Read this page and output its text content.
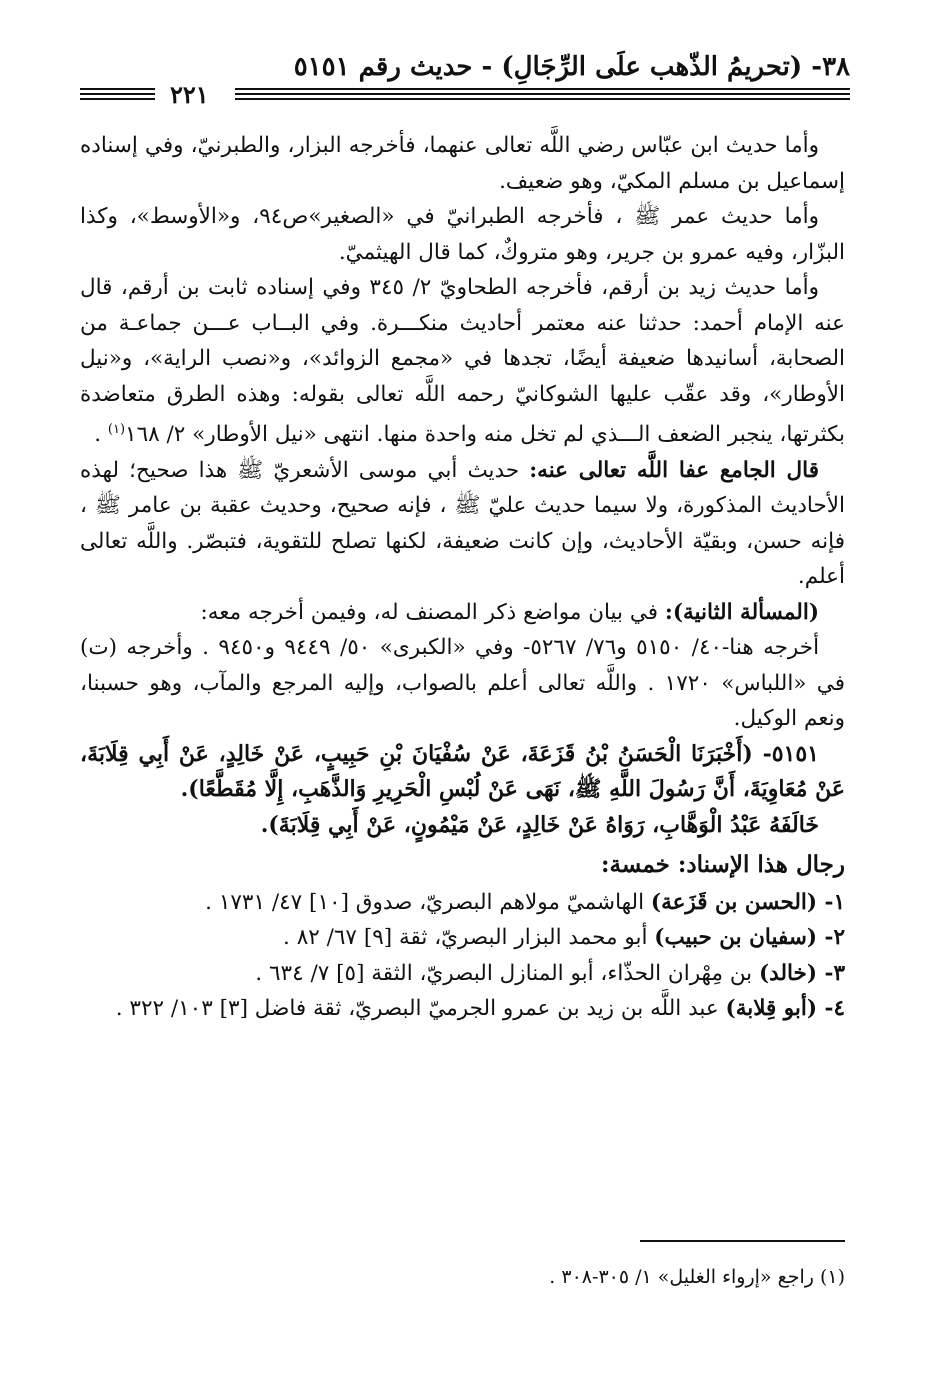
٣٨- (تحريمُ الذّهب علَى الرِّجَالِ) - حديث رقم ٥١٥١
٢٢١

وأما حديث ابن عبّاس رضي اللَّه تعالى عنهما، فأخرجه البزار، والطبرنيّ، وفي إسناده إسماعيل بن مسلم المكيّ، وهو ضعيف.

وأما حديث عمر ﷺ ، فأخرجه الطبرانيّ في «الصغير»ص٩٤، و«الأوسط»، وكذا البزّار، وفيه عمرو بن جرير، وهو متروكٌ، كما قال الهيثميّ.

وأما حديث زيد بن أرقم، فأخرجه الطحاويّ ٢/ ٣٤٥ وفي إسناده ثابت بن أرقم، قال عنه الإمام أحمد: حدثنا عنه معتمر أحاديث منكـــرة. وفي البــاب عـــن جماعـة من الصحابة، أسانيدها ضعيفة أيضًا، تجدها في «مجمع الزوائد»، و«نصب الراية»، و«نيل الأوطار»، وقد عقّب عليها الشوكانيّ رحمه اللَّه تعالى بقوله: وهذه الطرق متعاضدة بكثرتها، ينجبر الضعف الـــذي لم تخل منه واحدة منها. انتهى «نيل الأوطار» ٢/ ١٦٨$^{(١)}$ .

قال الجامع عفا اللَّه تعالى عنه: حديث أبي موسى الأشعريّ ﷺ هذا صحيح؛ لهذه الأحاديث المذكورة، ولا سيما حديث عليّ ﷺ ، فإنه صحيح، وحديث عقبة بن عامر ﷺ ، فإنه حسن، وبقيّة الأحاديث، وإن كانت ضعيفة، لكنها تصلح للتقوية، فتبصّر. واللَّه تعالى أعلم.

(المسألة الثانية): في بيان مواضع ذكر المصنف له، وفيمن أخرجه معه:

أخرجه هنا-٤٠/ ٥١٥٠ و٧٦/ ٥٢٦٧- وفي «الكبرى» ٥٠/ ٩٤٤٩ و٩٤٥٠ . وأخرجه (ت) في «اللباس» ١٧٢٠ . واللَّه تعالى أعلم بالصواب، وإليه المرجع والمآب، وهو حسبنا، ونعم الوكيل.

٥١٥١- (أَخْبَرَنَا الْحَسَنُ بْنُ قَزَعَةَ، عَنْ سُفْيَانَ بْنِ حَبِيبٍ، عَنْ خَالِدٍ، عَنْ أَبِي قِلَابَةَ، عَنْ مُعَاوِيَةَ، أَنَّ رَسُولَ اللَّهِ ﷺ، نَهَى عَنْ لُبْسِ الْحَرِيرِ وَالذَّهَبِ، إِلَّا مُقَطَّعًا).

خَالَفَهُ عَبْدُ الْوَهَّابِ، رَوَاهُ عَنْ خَالِدٍ، عَنْ مَيْمُونٍ، عَنْ أَبِي قِلَابَةَ).

رجال هذا الإسناد: خمسة:

١- (الحسن بن قَزَعة) الهاشميّ مولاهم البصريّ، صدوق [١٠] ٤٧/ ١٧٣١ .

٢- (سفيان بن حبيب) أبو محمد البزار البصريّ، ثقة [٩] ٦٧/ ٨٢ .

٣- (خالد) بن مِهْران الحذّاء، أبو المنازل البصريّ، الثقة [٥] ٧/ ٦٣٤ .

٤- (أبو قِلابة) عبد اللَّه بن زيد بن عمرو الجرميّ البصريّ، ثقة فاضل [٣] ١٠٣/ ٣٢٢ .

(١) راجع «إرواء الغليل» ١/ ٣٠٥-٣٠٨ .
